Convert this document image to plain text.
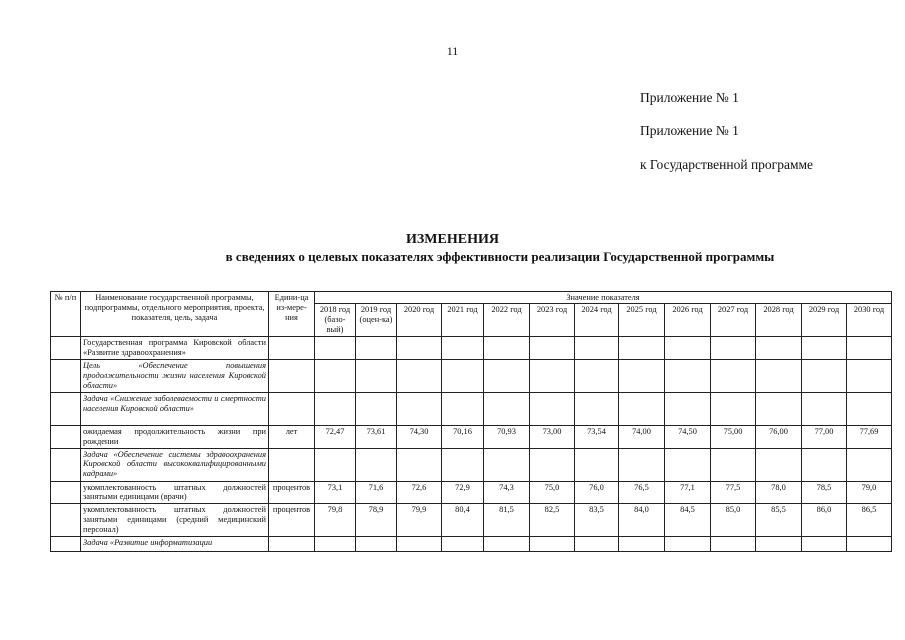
11
Приложение № 1
Приложение № 1
к Государственной программе
ИЗМЕНЕНИЯ
в сведениях о целевых показателях эффективности реализации Государственной программы
№ п/п	Наименование государственной программы, подпрограммы, отдельного мероприятия, проекта, показателя, цель, задача	Едини-ца из-мере-ния	Значение показателя												
			2018 год (базо-вый)	2019 год (оцен-ка)	2020 год	2021 год	2022 год	2023 год	2024 год	2025 год	2026 год	2027 год	2028 год	2029 год	2030 год
	Государственная программа Кировской области «Развитие здравоохранения»														
	Цель «Обеспечение повышения продолжительности жизни населения Кировской области»														
	Задача «Снижение заболеваемости и смертности населения Кировской области»														
	ожидаемая продолжительность жизни при рождении	лет	72,47	73,61	74,30	70,16	70,93	73,00	73,54	74,00	74,50	75,00	76,00	77,00	77,69
	Задача «Обеспечение системы здравоохранения Кировской области высококвалифицированными кадрами»														
	укомплектованность штатных должностей занятыми единицами (врачи)	процентов	73,1	71,6	72,6	72,9	74,3	75,0	76,0	76,5	77,1	77,5	78,0	78,5	79,0
	укомплектованность штатных должностей занятыми единицами (средний медицинский персонал)	процентов	79,8	78,9	79,9	80,4	81,5	82,5	83,5	84,0	84,5	85,0	85,5	86,0	86,5
	Задача «Развитие информатизации														
